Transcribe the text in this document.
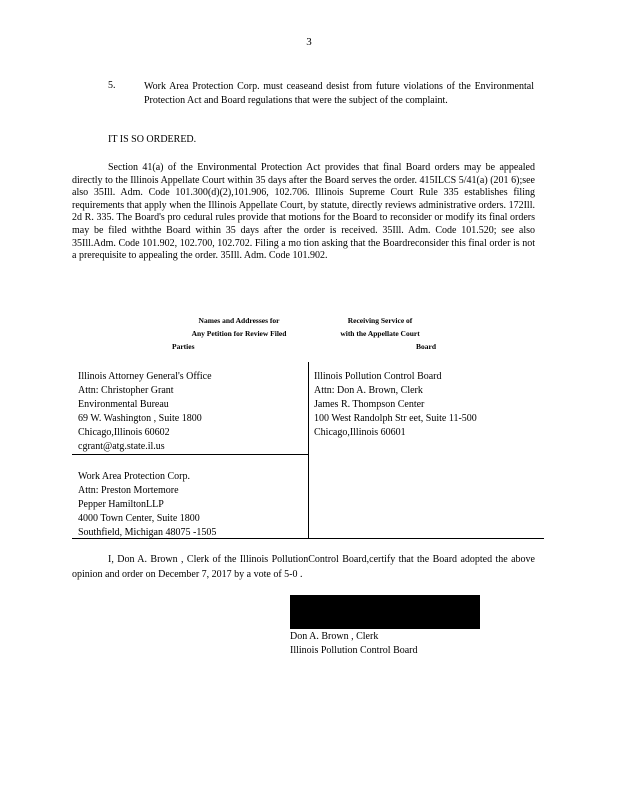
3
5.	Work Area Protection Corp. must ceaseand desist from future violations of the Environmental Protection Act and Board regulations that were the subject of the complaint.
IT IS SO ORDERED.
Section 41(a) of the Environmental Protection Act provides that final Board orders may be appealed directly to the Illinois Appellate Court within 35 days after the Board serves the order. 415ILCS 5/41(a) (201 6);see also 35Ill. Adm. Code 101.300(d)(2),101.906, 102.706. Illinois Supreme Court Rule 335 establishes filing requirements that apply when the Illinois Appellate Court, by statute, directly reviews administrative orders. 172Ill. 2d R. 335. The Board's pro cedural rules provide that motions for the Board to reconsider or modify its final orders may be filed withthe Board within 35 days after the order is received. 35Ill. Adm. Code 101.520; see also 35Ill.Adm. Code 101.902, 102.700, 102.702. Filing a mo tion asking that the Boardreconsider this final order is not a prerequisite to appealing the order. 35Ill. Adm. Code 101.902.
Names and Addresses for
Any Petition for Review Filed
Parties
Receiving Service of
with the Appellate Court
Board
Illinois Attorney General's Office
Attn: Christopher Grant
Environmental Bureau
69 W. Washington , Suite 1800
Chicago,Illinois 60602
cgrant@atg.state.il.us
Illinois Pollution Control Board
Attn: Don A. Brown, Clerk
James R. Thompson Center
100 West Randolph Str eet, Suite 11-500
Chicago,Illinois 60601
Work Area Protection Corp.
Attn: Preston Mortemore
Pepper HamiltonLLP
4000 Town Center, Suite 1800
Southfield, Michigan 48075 -1505
I, Don A. Brown , Clerk of the Illinois PollutionControl Board,certify that the Board adopted the above opinion and order on December 7, 2017 by a vote of 5-0 .
Don A. Brown , Clerk
Illinois Pollution Control Board
